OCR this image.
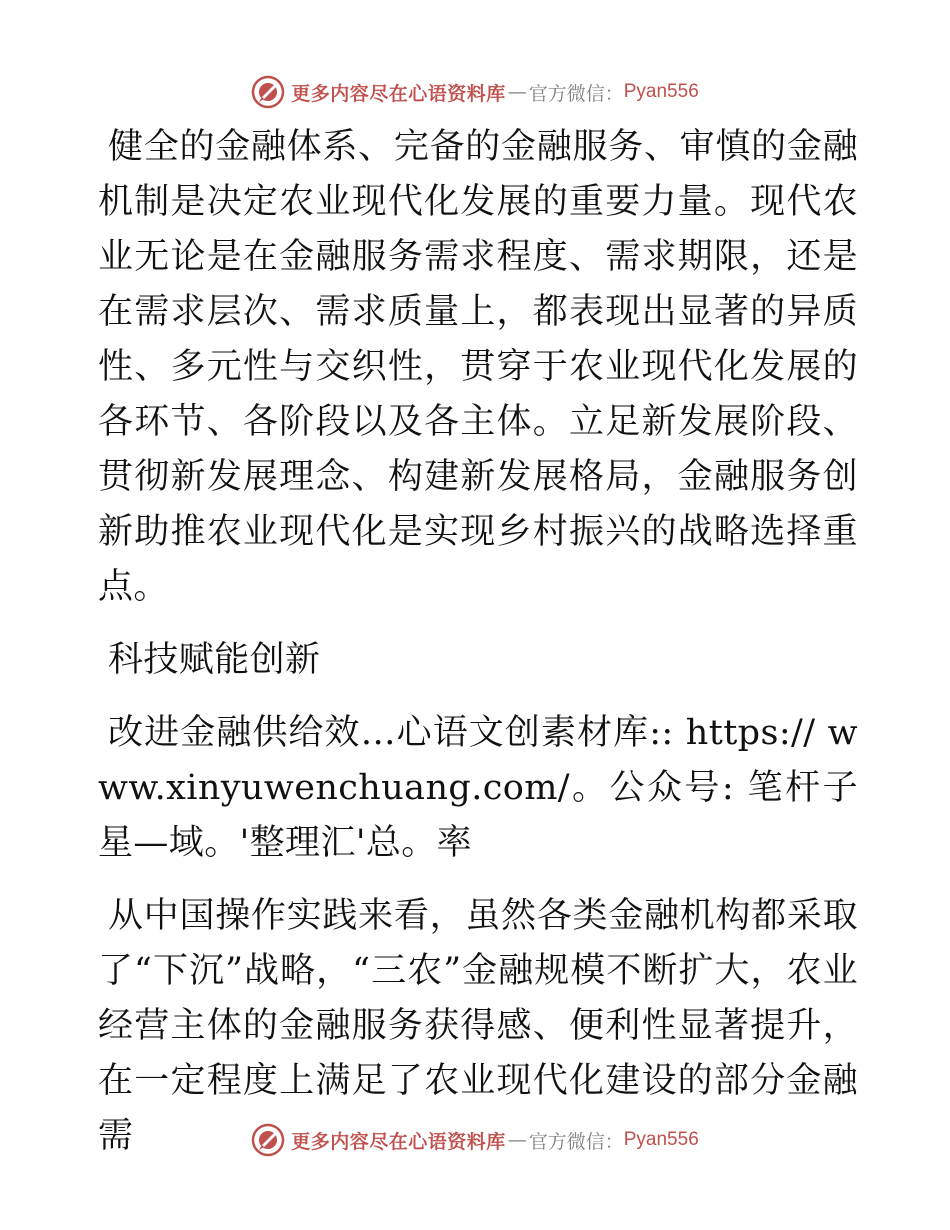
更多内容尽在心语资料库 — 官方微信： Pyan556

健全的金融体系、完备的金融服务、审慎的金融机制是决定农业现代化发展的重要力量。现代农业无论是在金融服务需求程度、需求期限，还是在需求层次、需求质量上，都表现出显著的异质性、多元性与交织性，贯穿于农业现代化发展的各环节、各阶段以及各主体。立足新发展阶段、贯彻新发展理念、构建新发展格局，金融服务创新助推农业现代化是实现乡村振兴的战略选择重点。

科技赋能创新

改进金融供给效…心语文创素材库:: https:// www.xinyuwenchuang.com/。公众号: 笔杆子星—域。'整理汇'总。率

从中国操作实践来看，虽然各类金融机构都采取了“下沉”战略，“三农”金融规模不断扩大，农业经营主体的金融服务获得感、便利性显著提升，在一定程度上满足了农业现代化建设的部分金融需	更多内容尽在心语资料库 — 官方微信： Pyan556
